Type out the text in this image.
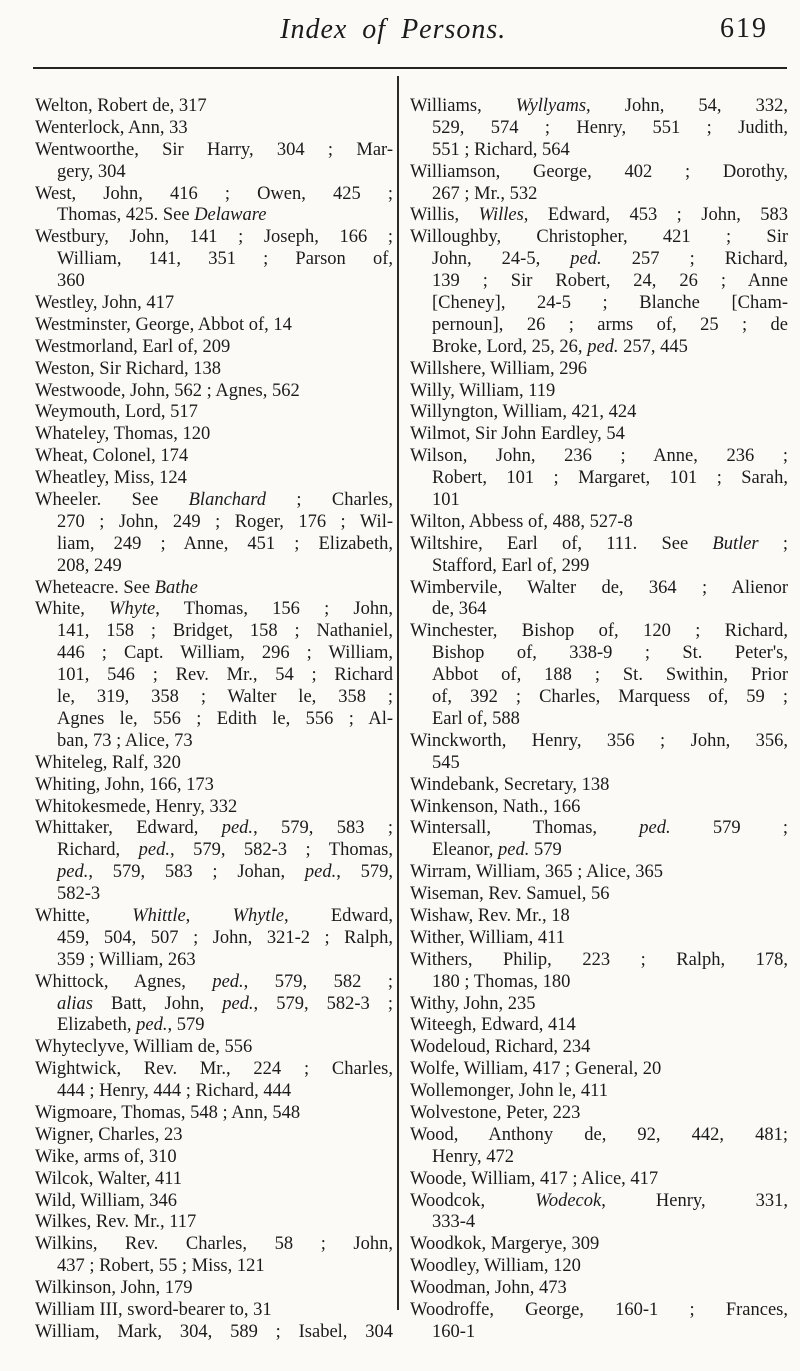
Index of Persons.	619

Welton, Robert de, 317

Wenterlock, Ann, 33

Wentwoorthe, Sir Harry, 304 ; Mar-

gery, 304

West, John, 416 ; Owen, 425 ;

Thomas, 425. See Delaware

Westbury, John, 141 ; Joseph, 166 ;

William, 141, 351 ; Parson of,

360

Westley, John, 417

Westminster, George, Abbot of, 14

Westmorland, Earl of, 209

Weston, Sir Richard, 138

Westwoode, John, 562 ; Agnes, 562

Weymouth, Lord, 517

Whateley, Thomas, 120

Wheat, Colonel, 174

Wheatley, Miss, 124

Wheeler. See Blanchard ; Charles,

270 ; John, 249 ; Roger, 176 ; Wil-

liam, 249 ; Anne, 451 ; Elizabeth,

208, 249

Wheteacre. See Bathe

White, Whyte, Thomas, 156 ; John,

141, 158 ; Bridget, 158 ; Nathaniel,

446 ; Capt. William, 296 ; William,

101, 546 ; Rev. Mr., 54 ; Richard

le, 319, 358 ; Walter le, 358 ;

Agnes le, 556 ; Edith le, 556 ; Al-

ban, 73 ; Alice, 73

Whiteleg, Ralf, 320

Whiting, John, 166, 173

Whitokesmede, Henry, 332

Whittaker, Edward, ped., 579, 583 ;

Richard, ped., 579, 582-3 ; Thomas,

ped., 579, 583 ; Johan, ped., 579,

582-3

Whitte, Whittle, Whytle, Edward,

459, 504, 507 ; John, 321-2 ; Ralph,

359 ; William, 263

Whittock, Agnes, ped., 579, 582 ;

alias Batt, John, ped., 579, 582-3 ;

Elizabeth, ped., 579

Whyteclyve, William de, 556

Wightwick, Rev. Mr., 224 ; Charles,

444 ; Henry, 444 ; Richard, 444

Wigmoare, Thomas, 548 ; Ann, 548

Wigner, Charles, 23

Wike, arms of, 310

Wilcok, Walter, 411

Wild, William, 346

Wilkes, Rev. Mr., 117

Wilkins, Rev. Charles, 58 ; John,

437 ; Robert, 55 ; Miss, 121

Wilkinson, John, 179

William III, sword-bearer to, 31

William, Mark, 304, 589 ; Isabel, 304

Williams, Wyllyams, John, 54, 332,

529, 574 ; Henry, 551 ; Judith,

551 ; Richard, 564

Williamson, George, 402 ; Dorothy,

267 ; Mr., 532

Willis, Willes, Edward, 453 ; John, 583

Willoughby, Christopher, 421 ; Sir

John, 24-5, ped. 257 ; Richard,

139 ; Sir Robert, 24, 26 ; Anne

[Cheney], 24-5 ; Blanche [Cham-

pernoun], 26 ; arms of, 25 ; de

Broke, Lord, 25, 26, ped. 257, 445

Willshere, William, 296

Willy, William, 119

Willyngton, William, 421, 424

Wilmot, Sir John Eardley, 54

Wilson, John, 236 ; Anne, 236 ;

Robert, 101 ; Margaret, 101 ; Sarah,

101

Wilton, Abbess of, 488, 527-8

Wiltshire, Earl of, 111. See Butler ;

Stafford, Earl of, 299

Wimbervile, Walter de, 364 ; Alienor

de, 364

Winchester, Bishop of, 120 ; Richard,

Bishop of, 338-9 ; St. Peter's,

Abbot of, 188 ; St. Swithin, Prior

of, 392 ; Charles, Marquess of, 59 ;

Earl of, 588

Winckworth, Henry, 356 ; John, 356,

545

Windebank, Secretary, 138

Winkenson, Nath., 166

Wintersall, Thomas, ped. 579 ;

Eleanor, ped. 579

Wirram, William, 365 ; Alice, 365

Wiseman, Rev. Samuel, 56

Wishaw, Rev. Mr., 18

Wither, William, 411

Withers, Philip, 223 ; Ralph, 178,

180 ; Thomas, 180

Withy, John, 235

Witeegh, Edward, 414

Wodeloud, Richard, 234

Wolfe, William, 417 ; General, 20

Wollemonger, John le, 411

Wolvestone, Peter, 223

Wood, Anthony de, 92, 442, 481;

Henry, 472

Woode, William, 417 ; Alice, 417

Woodcok, Wodecok, Henry, 331,

333-4

Woodkok, Margerye, 309

Woodley, William, 120

Woodman, John, 473

Woodroffe, George, 160-1 ; Frances,

160-1
